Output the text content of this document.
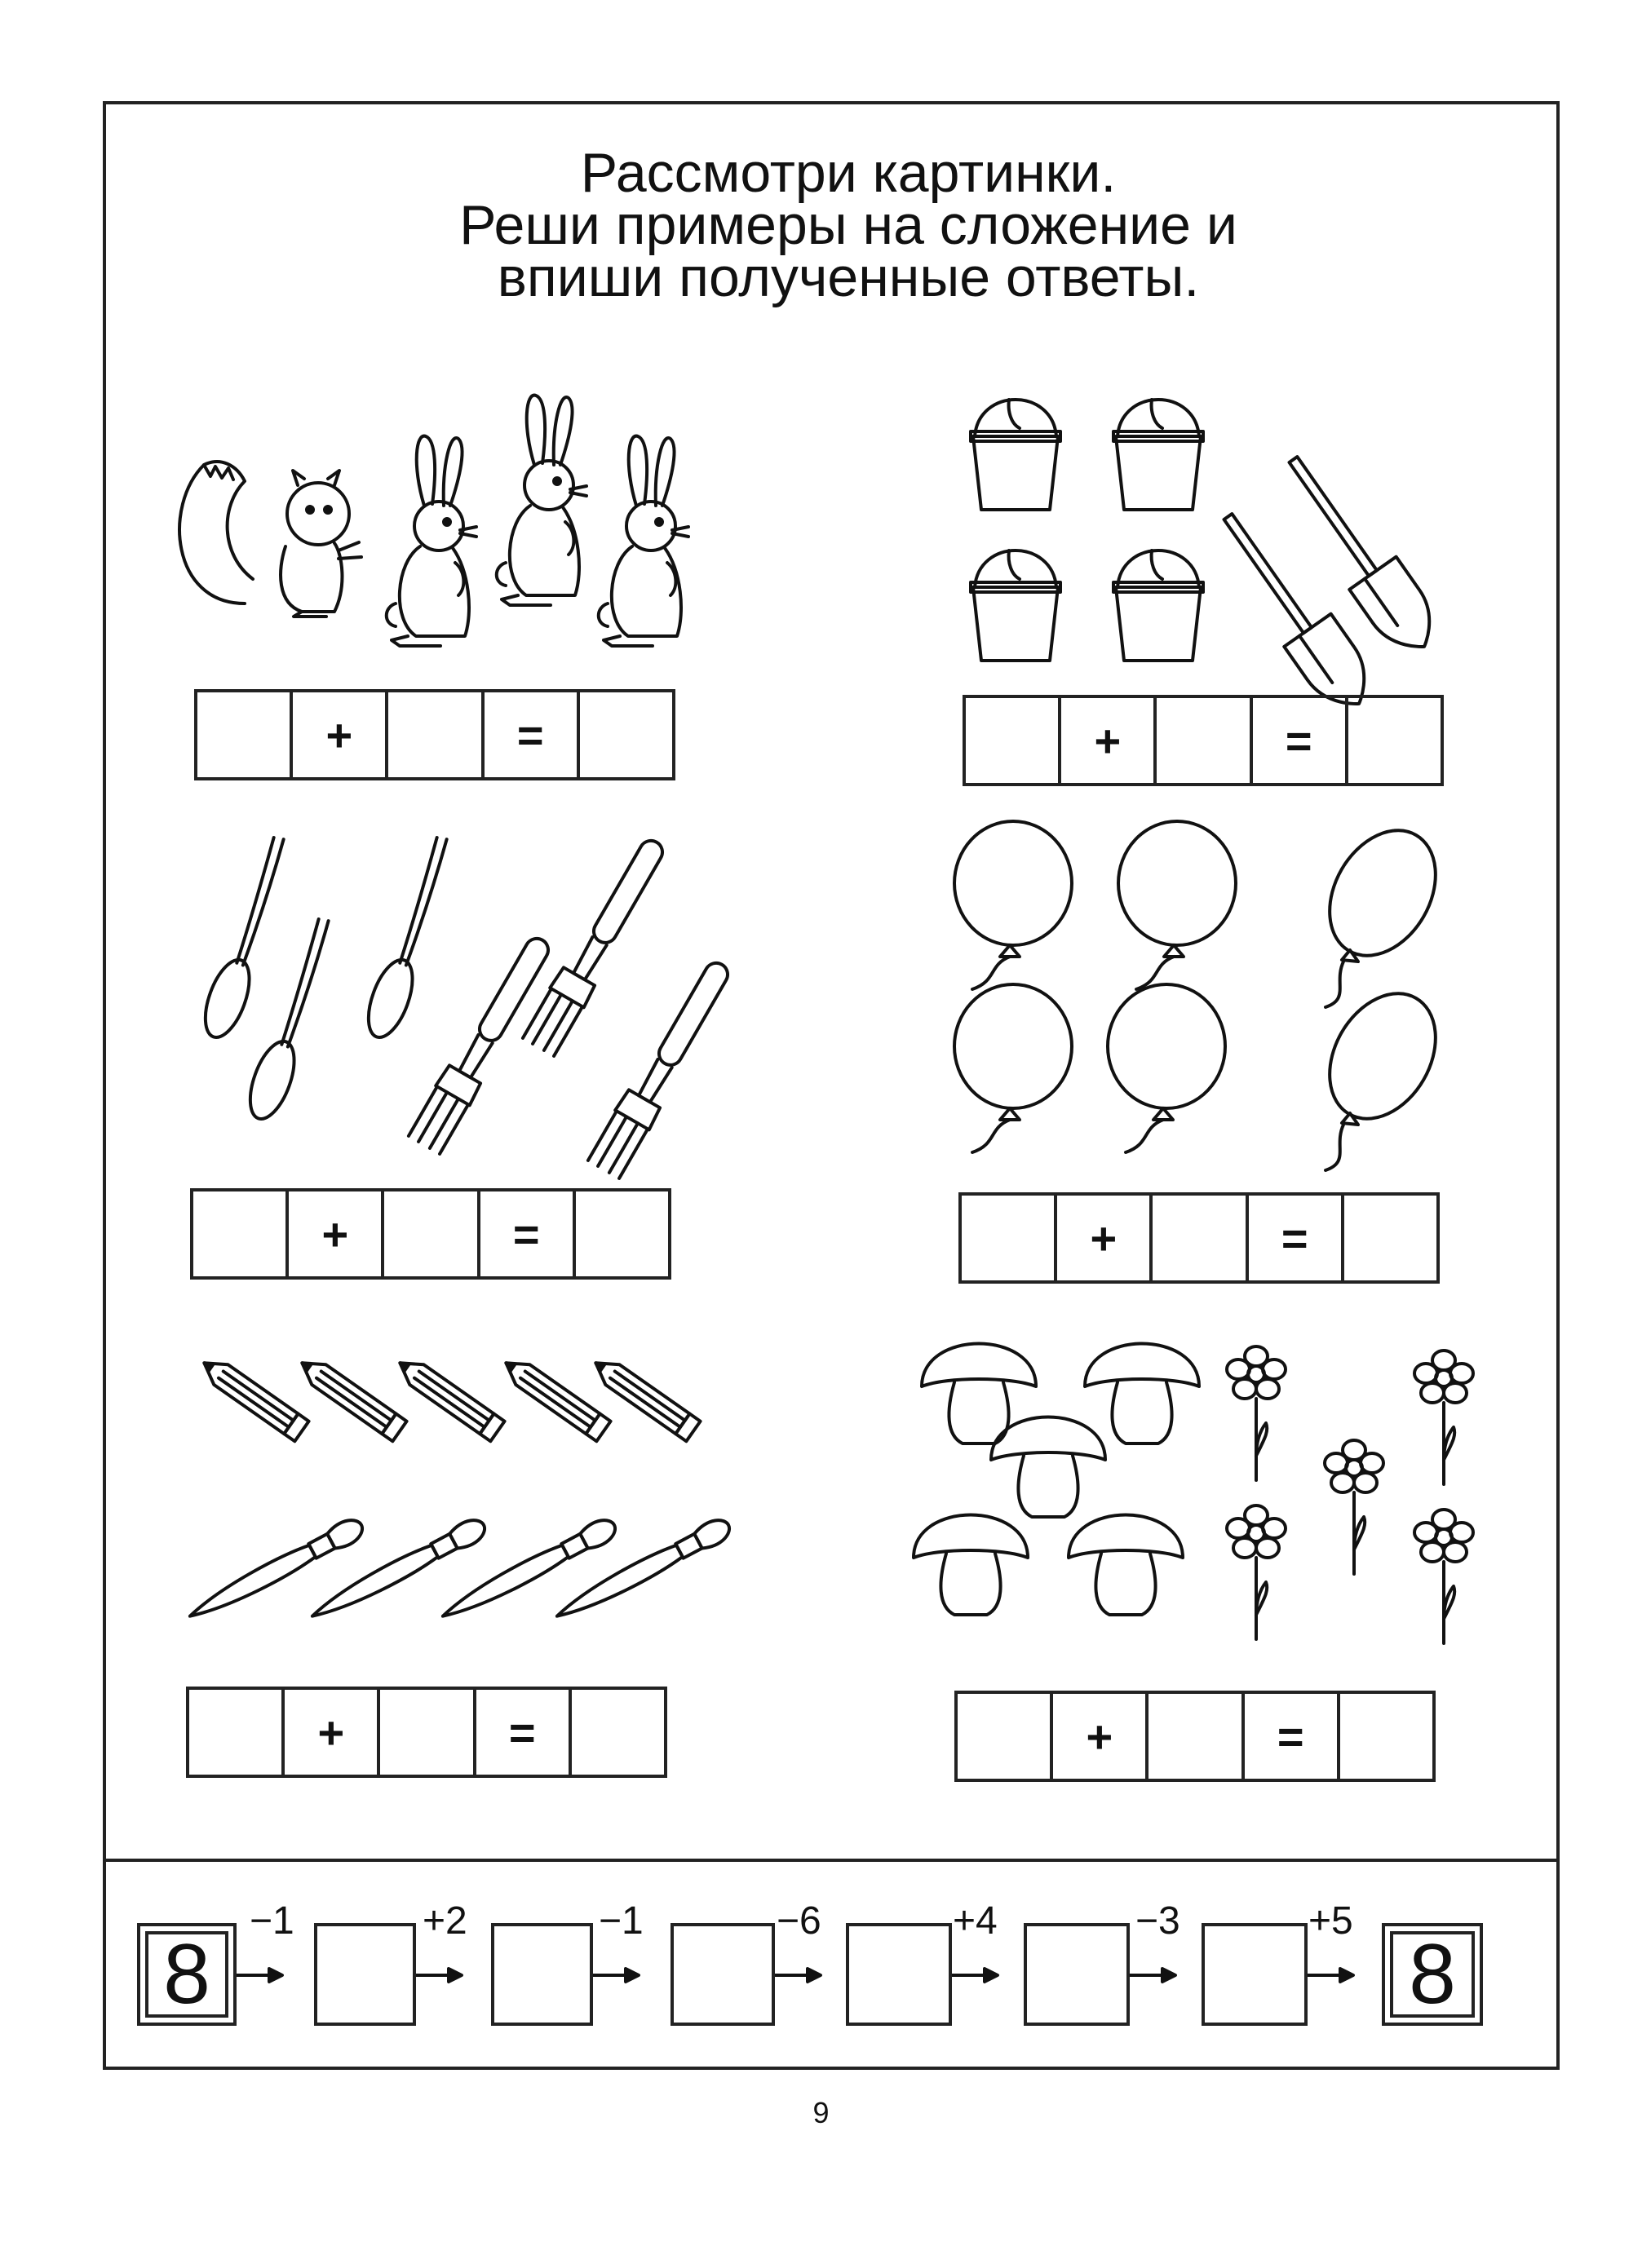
Рассмотри картинки.
Реши примеры на сложение и
впиши полученные ответы.
+	=	+	=
+	=	+	=
+	=	+	=
8	8
−1	+2	−1	−6	+4	−3	+5
9
